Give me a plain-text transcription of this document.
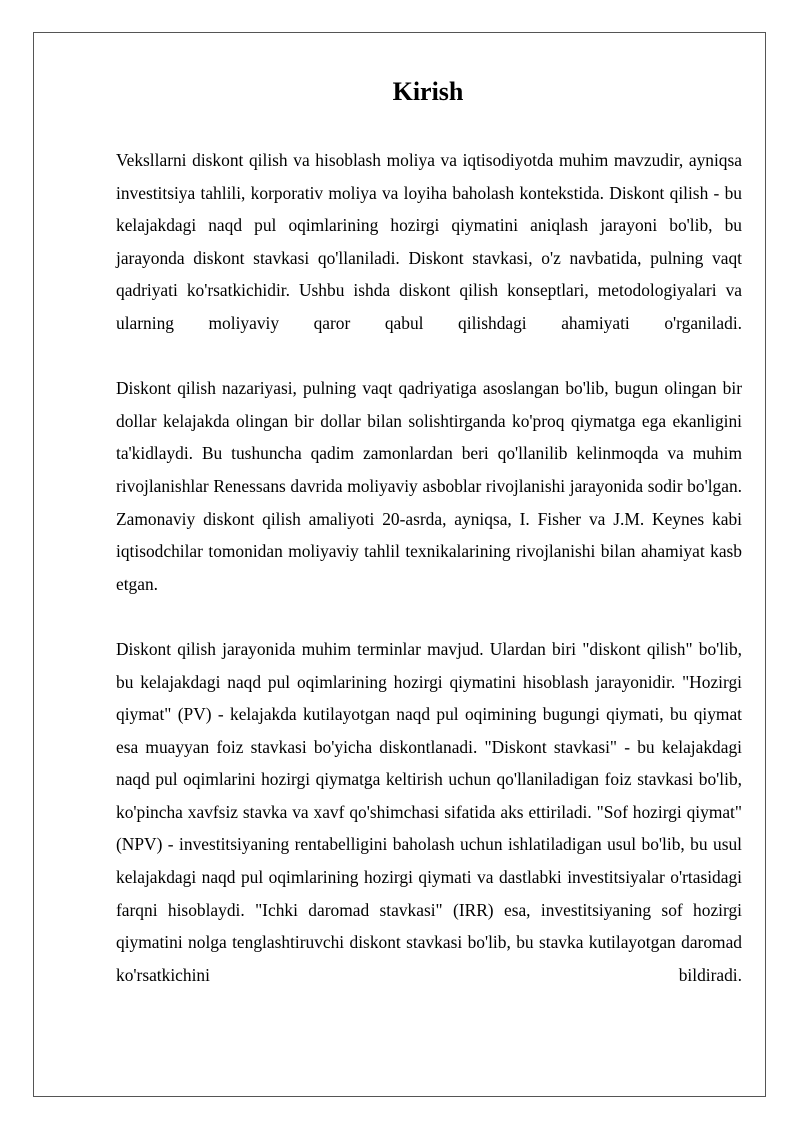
Kirish

Veksllarni diskont qilish va hisoblash moliya va iqtisodiyotda muhim mavzudir, ayniqsa investitsiya tahlili, korporativ moliya va loyiha baholash kontekstida. Diskont qilish - bu kelajakdagi naqd pul oqimlarining hozirgi qiymatini aniqlash jarayoni bo'lib, bu jarayonda diskont stavkasi qo'llaniladi. Diskont stavkasi, o'z navbatida, pulning vaqt qadriyati ko'rsatkichidir. Ushbu ishda diskont qilish konseptlari, metodologiyalari va ularning moliyaviy qaror qabul qilishdagi ahamiyati o'rganiladi.

Diskont qilish nazariyasi, pulning vaqt qadriyatiga asoslangan bo'lib, bugun olingan bir dollar kelajakda olingan bir dollar bilan solishtirganda ko'proq qiymatga ega ekanligini ta'kidlaydi. Bu tushuncha qadim zamonlardan beri qo'llanilib kelinmoqda va muhim rivojlanishlar Renessans davrida moliyaviy asboblar rivojlanishi jarayonida sodir bo'lgan. Zamonaviy diskont qilish amaliyoti 20-asrda, ayniqsa, I. Fisher va J.M. Keynes kabi iqtisodchilar tomonidan moliyaviy tahlil texnikalarining rivojlanishi bilan ahamiyat kasb etgan.

Diskont qilish jarayonida muhim terminlar mavjud. Ulardan biri "diskont qilish" bo'lib, bu kelajakdagi naqd pul oqimlarining hozirgi qiymatini hisoblash jarayonidir. "Hozirgi qiymat" (PV) - kelajakda kutilayotgan naqd pul oqimining bugungi qiymati, bu qiymat esa muayyan foiz stavkasi bo'yicha diskontlanadi. "Diskont stavkasi" - bu kelajakdagi naqd pul oqimlarini hozirgi qiymatga keltirish uchun qo'llaniladigan foiz stavkasi bo'lib, ko'pincha xavfsiz stavka va xavf qo'shimchasi sifatida aks ettiriladi. "Sof hozirgi qiymat" (NPV) - investitsiyaning rentabelligini baholash uchun ishlatiladigan usul bo'lib, bu usul kelajakdagi naqd pul oqimlarining hozirgi qiymati va dastlabki investitsiyalar o'rtasidagi farqni hisoblaydi. "Ichki daromad stavkasi" (IRR) esa, investitsiyaning sof hozirgi qiymatini nolga tenglashtiruvchi diskont stavkasi bo'lib, bu stavka kutilayotgan daromad ko'rsatkichini bildiradi.
